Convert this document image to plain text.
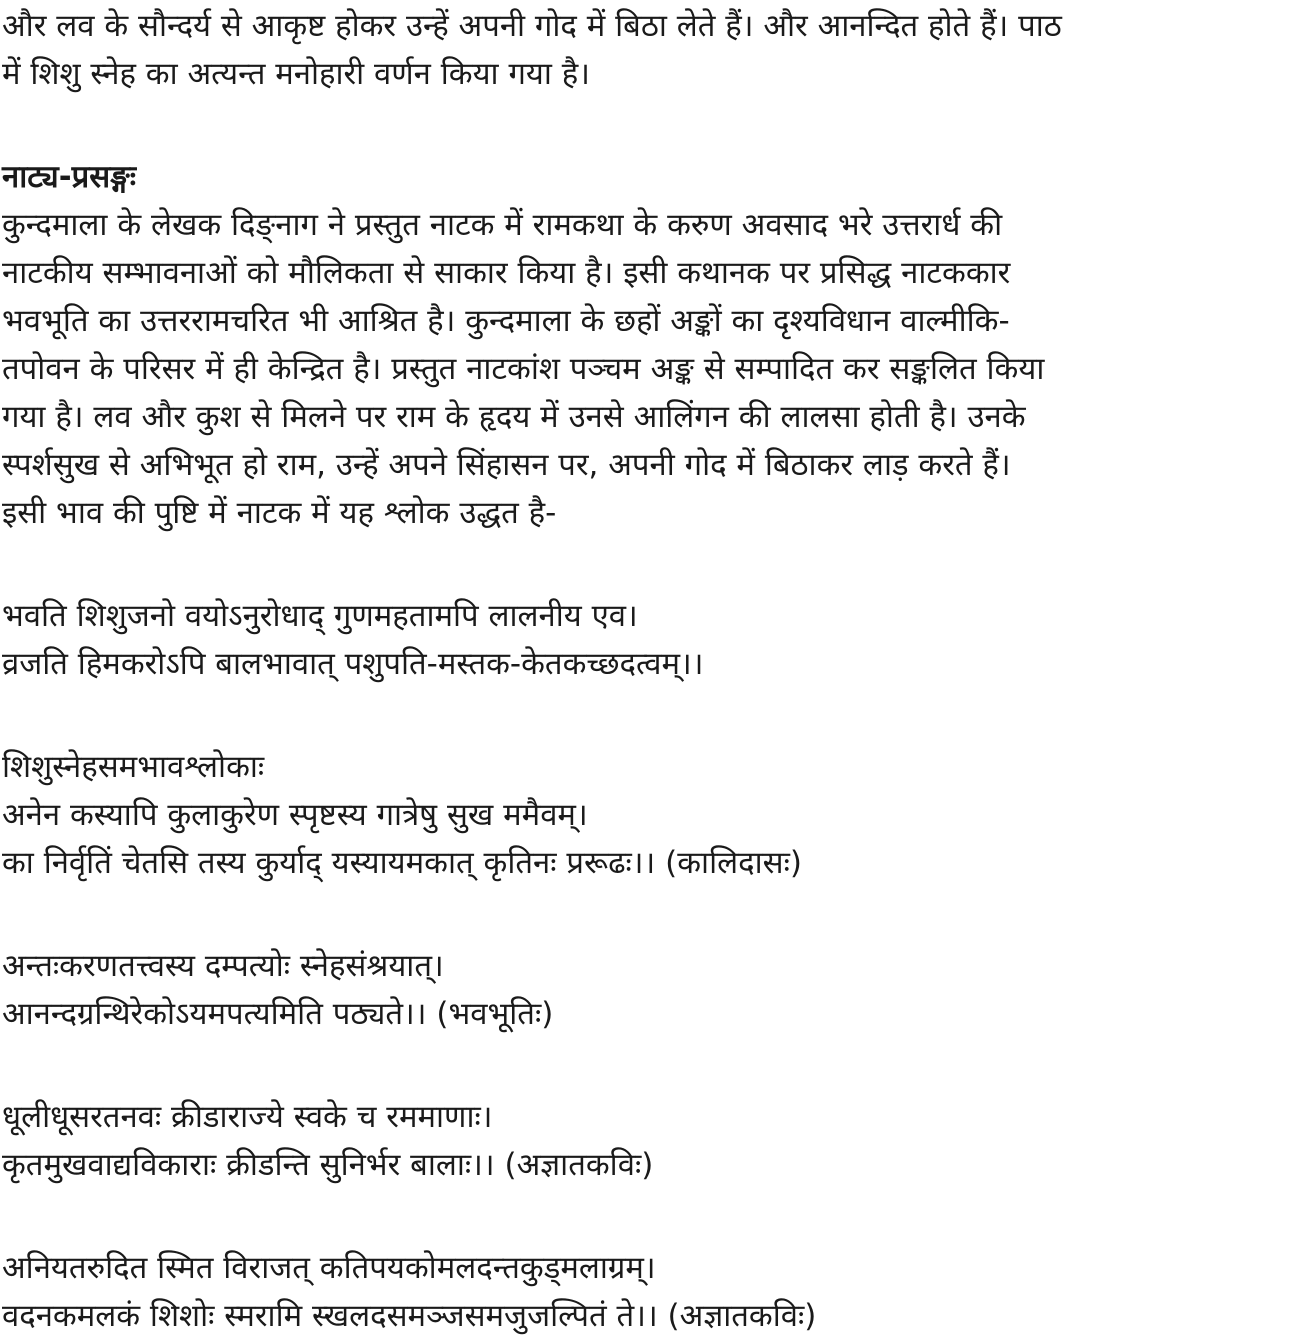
और लव के सौन्दर्य से आकृष्ट होकर उन्हें अपनी गोद में बिठा लेते हैं। और आनन्दित होते हैं। पाठ
में शिशु स्नेह का अत्यन्त मनोहारी वर्णन किया गया है।
नाट्य-प्रसङ्गः
कुन्दमाला के लेखक दिङ्नाग ने प्रस्तुत नाटक में रामकथा के करुण अवसाद भरे उत्तरार्ध की
नाटकीय सम्भावनाओं को मौलिकता से साकार किया है। इसी कथानक पर प्रसिद्ध नाटककार
भवभूति का उत्तररामचरित भी आश्रित है। कुन्दमाला के छहों अङ्कों का दृश्यविधान वाल्मीकि-
तपोवन के परिसर में ही केन्द्रित है। प्रस्तुत नाटकांश पञ्चम अङ्क से सम्पादित कर सङ्कलित किया
गया है। लव और कुश से मिलने पर राम के हृदय में उनसे आलिंगन की लालसा होती है। उनके
स्पर्शसुख से अभिभूत हो राम, उन्हें अपने सिंहासन पर, अपनी गोद में बिठाकर लाड़ करते हैं।
इसी भाव की पुष्टि में नाटक में यह श्लोक उद्धत है-
भवति शिशुजनो वयोऽनुरोधाद् गुणमहतामपि लालनीय एव।
व्रजति हिमकरोऽपि बालभावात् पशुपति-मस्तक-केतकच्छदत्वम्।।
शिशुस्नेहसमभावश्लोकाः
अनेन कस्यापि कुलाकुरेण स्पृष्टस्य गात्रेषु सुख ममैवम्।
का निर्वृतिं चेतसि तस्य कुर्याद् यस्यायमकात् कृतिनः प्ररूढः।। (कालिदासः)
अन्तःकरणतत्त्वस्य दम्पत्योः स्नेहसंश्रयात्।
आनन्दग्रन्थिरेकोऽयमपत्यमिति पठ्यते।। (भवभूतिः)
धूलीधूसरतनवः क्रीडाराज्ये स्वके च रममाणाः।
कृतमुखवाद्यविकाराः क्रीडन्ति सुनिर्भर बालाः।। (अज्ञातकविः)
अनियतरुदित स्मित विराजत् कतिपयकोमलदन्तकुड्मलाग्रम्।
वदनकमलकं शिशोः स्मरामि स्खलदसमञ्जसमजुजल्पितं ते।। (अज्ञातकविः)
